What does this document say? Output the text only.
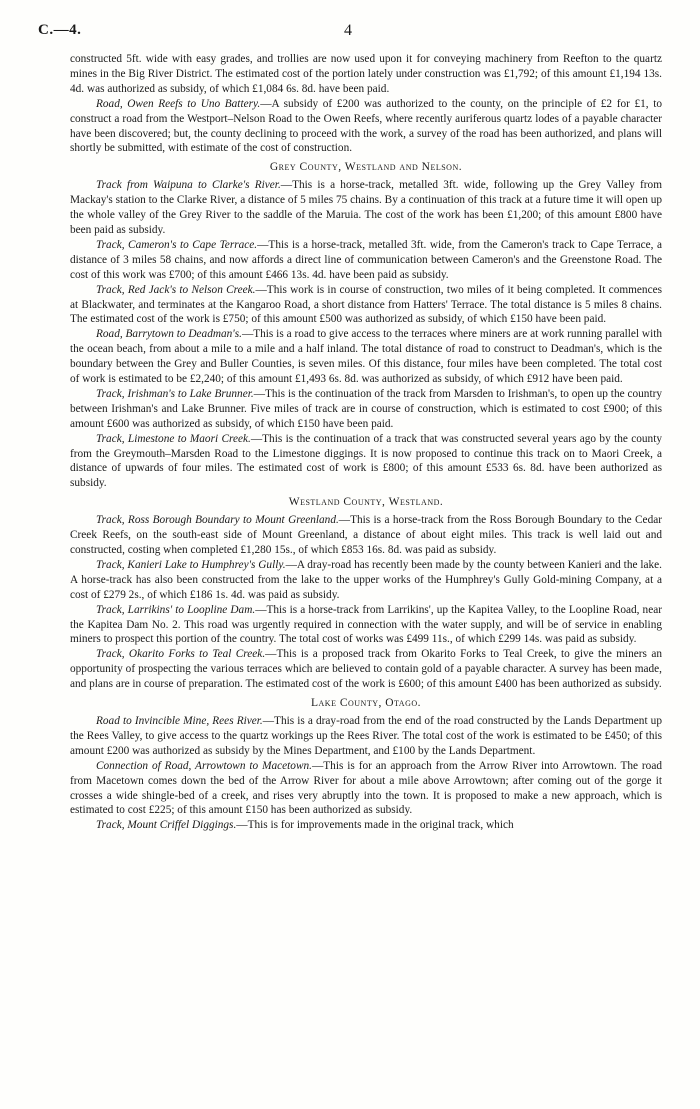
C.—4.	4

constructed 5ft. wide with easy grades, and trollies are now used upon it for conveying machinery from Reefton to the quartz mines in the Big River District. The estimated cost of the portion lately under construction was £1,792; of this amount £1,194 13s. 4d. was authorized as subsidy, of which £1,084 6s. 8d. have been paid.

Road, Owen Reefs to Uno Battery.—A subsidy of £200 was authorized to the county, on the principle of £2 for £1, to construct a road from the Westport–Nelson Road to the Owen Reefs, where recently auriferous quartz lodes of a payable character have been discovered; but, the county declining to proceed with the work, a survey of the road has been authorized, and plans will shortly be submitted, with estimate of the cost of construction.

Grey County, Westland and Nelson.

Track from Waipuna to Clarke's River.—This is a horse-track, metalled 3ft. wide, following up the Grey Valley from Mackay's station to the Clarke River, a distance of 5 miles 75 chains. By a continuation of this track at a future time it will open up the whole valley of the Grey River to the saddle of the Maruia. The cost of the work has been £1,200; of this amount £800 have been paid as subsidy.

Track, Cameron's to Cape Terrace.—This is a horse-track, metalled 3ft. wide, from the Cameron's track to Cape Terrace, a distance of 3 miles 58 chains, and now affords a direct line of communication between Cameron's and the Greenstone Road. The cost of this work was £700; of this amount £466 13s. 4d. have been paid as subsidy.

Track, Red Jack's to Nelson Creek.—This work is in course of construction, two miles of it being completed. It commences at Blackwater, and terminates at the Kangaroo Road, a short distance from Hatters' Terrace. The total distance is 5 miles 8 chains. The estimated cost of the work is £750; of this amount £500 was authorized as subsidy, of which £150 have been paid.

Road, Barrytown to Deadman's.—This is a road to give access to the terraces where miners are at work running parallel with the ocean beach, from about a mile to a mile and a half inland. The total distance of road to construct to Deadman's, which is the boundary between the Grey and Buller Counties, is seven miles. Of this distance, four miles have been completed. The total cost of work is estimated to be £2,240; of this amount £1,493 6s. 8d. was authorized as subsidy, of which £912 have been paid.

Track, Irishman's to Lake Brunner.—This is the continuation of the track from Marsden to Irishman's, to open up the country between Irishman's and Lake Brunner. Five miles of track are in course of construction, which is estimated to cost £900; of this amount £600 was authorized as subsidy, of which £150 have been paid.

Track, Limestone to Maori Creek.—This is the continuation of a track that was constructed several years ago by the county from the Greymouth–Marsden Road to the Limestone diggings. It is now proposed to continue this track on to Maori Creek, a distance of upwards of four miles. The estimated cost of work is £800; of this amount £533 6s. 8d. have been authorized as subsidy.

Westland County, Westland.

Track, Ross Borough Boundary to Mount Greenland.—This is a horse-track from the Ross Borough Boundary to the Cedar Creek Reefs, on the south-east side of Mount Greenland, a distance of about eight miles. This track is well laid out and constructed, costing when completed £1,280 15s., of which £853 16s. 8d. was paid as subsidy.

Track, Kanieri Lake to Humphrey's Gully.—A dray-road has recently been made by the county between Kanieri and the lake. A horse-track has also been constructed from the lake to the upper works of the Humphrey's Gully Gold-mining Company, at a cost of £279 2s., of which £186 1s. 4d. was paid as subsidy.

Track, Larrikins' to Loopline Dam.—This is a horse-track from Larrikins', up the Kapitea Valley, to the Loopline Road, near the Kapitea Dam No. 2. This road was urgently required in connection with the water supply, and will be of service in enabling miners to prospect this portion of the country. The total cost of works was £499 11s., of which £299 14s. was paid as subsidy.

Track, Okarito Forks to Teal Creek.—This is a proposed track from Okarito Forks to Teal Creek, to give the miners an opportunity of prospecting the various terraces which are believed to contain gold of a payable character. A survey has been made, and plans are in course of preparation. The estimated cost of the work is £600; of this amount £400 has been authorized as subsidy.

Lake County, Otago.

Road to Invincible Mine, Rees River.—This is a dray-road from the end of the road constructed by the Lands Department up the Rees Valley, to give access to the quartz workings up the Rees River. The total cost of the work is estimated to be £450; of this amount £200 was authorized as subsidy by the Mines Department, and £100 by the Lands Department.

Connection of Road, Arrowtown to Macetown.—This is for an approach from the Arrow River into Arrowtown. The road from Macetown comes down the bed of the Arrow River for about a mile above Arrowtown; after coming out of the gorge it crosses a wide shingle-bed of a creek, and rises very abruptly into the town. It is proposed to make a new approach, which is estimated to cost £225; of this amount £150 has been authorized as subsidy.

Track, Mount Criffel Diggings.—This is for improvements made in the original track, which
